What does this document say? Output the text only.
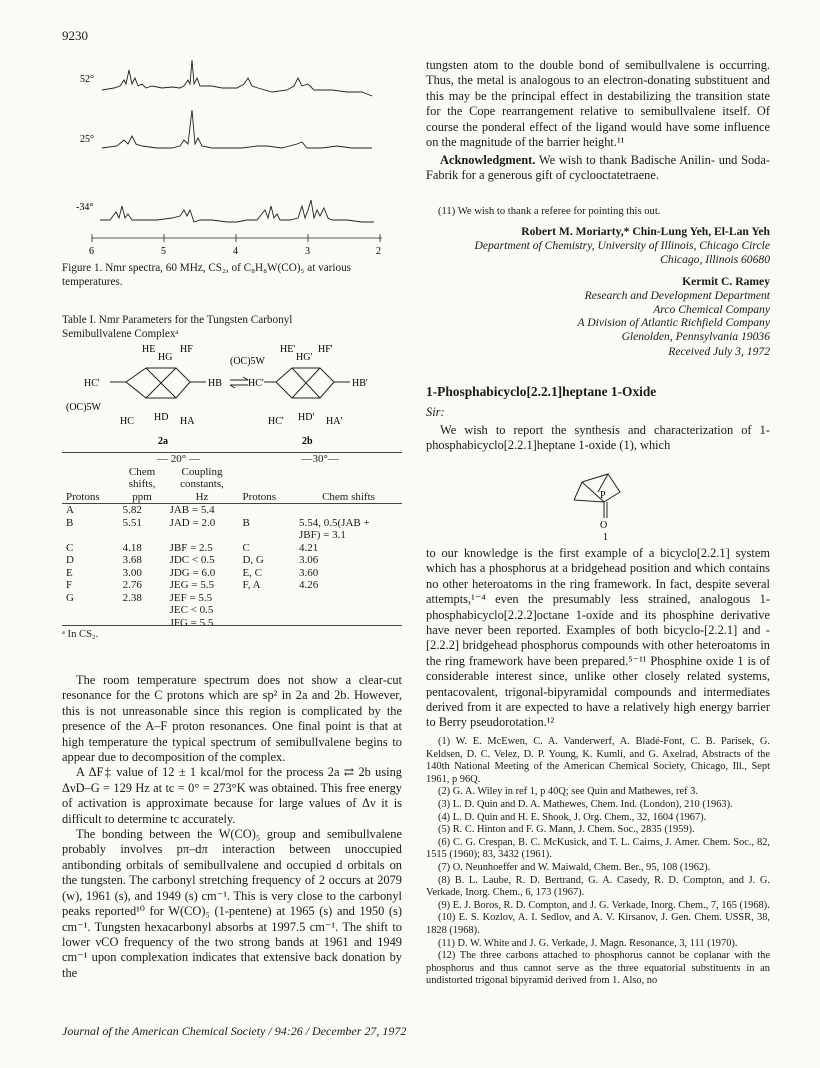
9230
52°
25°
-34°
6	5	4	3	2
Figure 1. Nmr spectra, 60 MHz, CS₂, of C₈H₈W(CO)₅ at various temperatures.
Table I. Nmr Parameters for the Tungsten Carbonyl Semibullvalene Complexᵃ
HE
HG
HF
HC'	HB
(OC)5W
HC HD HA
2a
HE'
HG'
HF'
(OC)5W
HC'	HB'
HC' HD' HA'
2b
	— 20° —		—30°—	
	Chem	Coupling		
	shifts,	constants,		
Protons	ppm	Hz	Protons	Chem shifts
A	5.82	JAB = 5.4		
B	5.51	JAD = 2.0	B	5.54, 0.5(JAB +
				JBF) = 3.1
C	4.18	JBF = 2.5	C	4.21
D	3.68	JDC < 0.5	D, G	3.06
E	3.00	JDG = 6.0	E, C	3.60
F	2.76	JEG = 5.5	F, A	4.26
G	2.38	JEF = 5.5		
		JEC < 0.5		
		JFG = 5.5		
ᵃ In CS₂.

The room temperature spectrum does not show a clear-cut resonance for the C protons which are sp² in 2a and 2b. However, this is not unreasonable since this region is complicated by the presence of the A–F proton resonances. One final point is that at high temperature the typical spectrum of semibullvalene begins to appear due to decomposition of the complex.

A ΔF‡ value of 12 ± 1 kcal/mol for the process 2a ⇄ 2b using ΔνD–G = 129 Hz at tc = 0° = 273°K was obtained. This free energy of activation is approximate because for large values of Δν it is difficult to determine tc accurately.

The bonding between the W(CO)₅ group and semibullvalene probably involves pπ–dπ interaction between unoccupied antibonding orbitals of semibullvalene and occupied d orbitals on the tungsten. The carbonyl stretching frequency of 2 occurs at 2079 (w), 1961 (s), and 1949 (s) cm⁻¹. This is very close to the carbonyl peaks reported¹⁰ for W(CO)₅ (1-pentene) at 1965 (s) and 1950 (s) cm⁻¹. Tungsten hexacarbonyl absorbs at 1997.5 cm⁻¹. The shift to lower νCO frequency of the two strong bands at 1961 and 1949 cm⁻¹ upon complexation indicates that extensive back donation by the

tungsten atom to the double bond of semibullvalene is occurring. Thus, the metal is analogous to an electron-donating substituent and this may be the principal effect in destabilizing the transition state for the Cope rearrangement relative to semibullvalene itself. Of course the ponderal effect of the ligand would have some influence on the magnitude of the barrier height.¹¹
Acknowledgment. We wish to thank Badische Anilin- und Soda-Fabrik for a generous gift of cyclooctatetraene.
(11) We wish to thank a referee for pointing this out.
Robert M. Moriarty,* Chin-Lung Yeh, El-Lan Yeh
Department of Chemistry, University of Illinois, Chicago Circle
Chicago, Illinois 60680
Kermit C. Ramey
Research and Development Department
Arco Chemical Company
A Division of Atlantic Richfield Company
Glenolden, Pennsylvania 19036
Received July 3, 1972
1-Phosphabicyclo[2.2.1]heptane 1-Oxide
Sir:
We wish to report the synthesis and characterization of 1-phosphabicyclo[2.2.1]heptane 1-oxide (1), which
P
O
1
to our knowledge is the first example of a bicyclo[2.2.1] system which has a phosphorus at a bridgehead position and which contains no other heteroatoms in the ring framework. In fact, despite several attempts,¹⁻⁴ even the presumably less strained, analogous 1-phosphabicyclo[2.2.2]octane 1-oxide and its phosphine derivative have never been reported. Examples of both bicyclo-[2.2.1] and -[2.2.2] bridgehead phosphorus compounds with other heteroatoms in the ring framework have been prepared.⁵⁻¹¹ Phosphine oxide 1 is of considerable interest since, unlike other closely related systems, pentacovalent, trigonal-bipyramidal compounds and intermediates derived from it are expected to have a relatively high energy barrier to Berry pseudorotation.¹²
(1) W. E. McEwen, C. A. Vanderwerf, A. Bladé-Font, C. B. Parisek, G. Keldsen, D. C. Velez, D. P. Young, K. Kumli, and G. Axelrad, Abstracts of the 140th National Meeting of the American Chemical Society, Chicago, Ill., Sept 1961, p 96Q.
(2) G. A. Wiley in ref 1, p 40Q; see Quin and Mathewes, ref 3.
(3) L. D. Quin and D. A. Mathewes, Chem. Ind. (London), 210 (1963).
(4) L. D. Quin and H. E. Shook, J. Org. Chem., 32, 1604 (1967).
(5) R. C. Hinton and F. G. Mann, J. Chem. Soc., 2835 (1959).
(6) C. G. Crespan, B. C. McKusick, and T. L. Cairns, J. Amer. Chem. Soc., 82, 1515 (1960); 83, 3432 (1961).
(7) O. Neunhoeffer and W. Maiwald, Chem. Ber., 95, 108 (1962).
(8) B. L. Laube, R. D. Bertrand, G. A. Casedy, R. D. Compton, and J. G. Verkade, Inorg. Chem., 6, 173 (1967).
(9) E. J. Boros, R. D. Compton, and J. G. Verkade, Inorg. Chem., 7, 165 (1968).
(10) E. S. Kozlov, A. I. Sedlov, and A. V. Kirsanov, J. Gen. Chem. USSR, 38, 1828 (1968).
(11) D. W. White and J. G. Verkade, J. Magn. Resonance, 3, 111 (1970).
(12) The three carbons attached to phosphorus cannot be coplanar with the phosphorus and thus cannot serve as the three equatorial substituents in an undistorted trigonal bipyramid derived from 1. Also, no
Journal of the American Chemical Society / 94:26 / December 27, 1972
